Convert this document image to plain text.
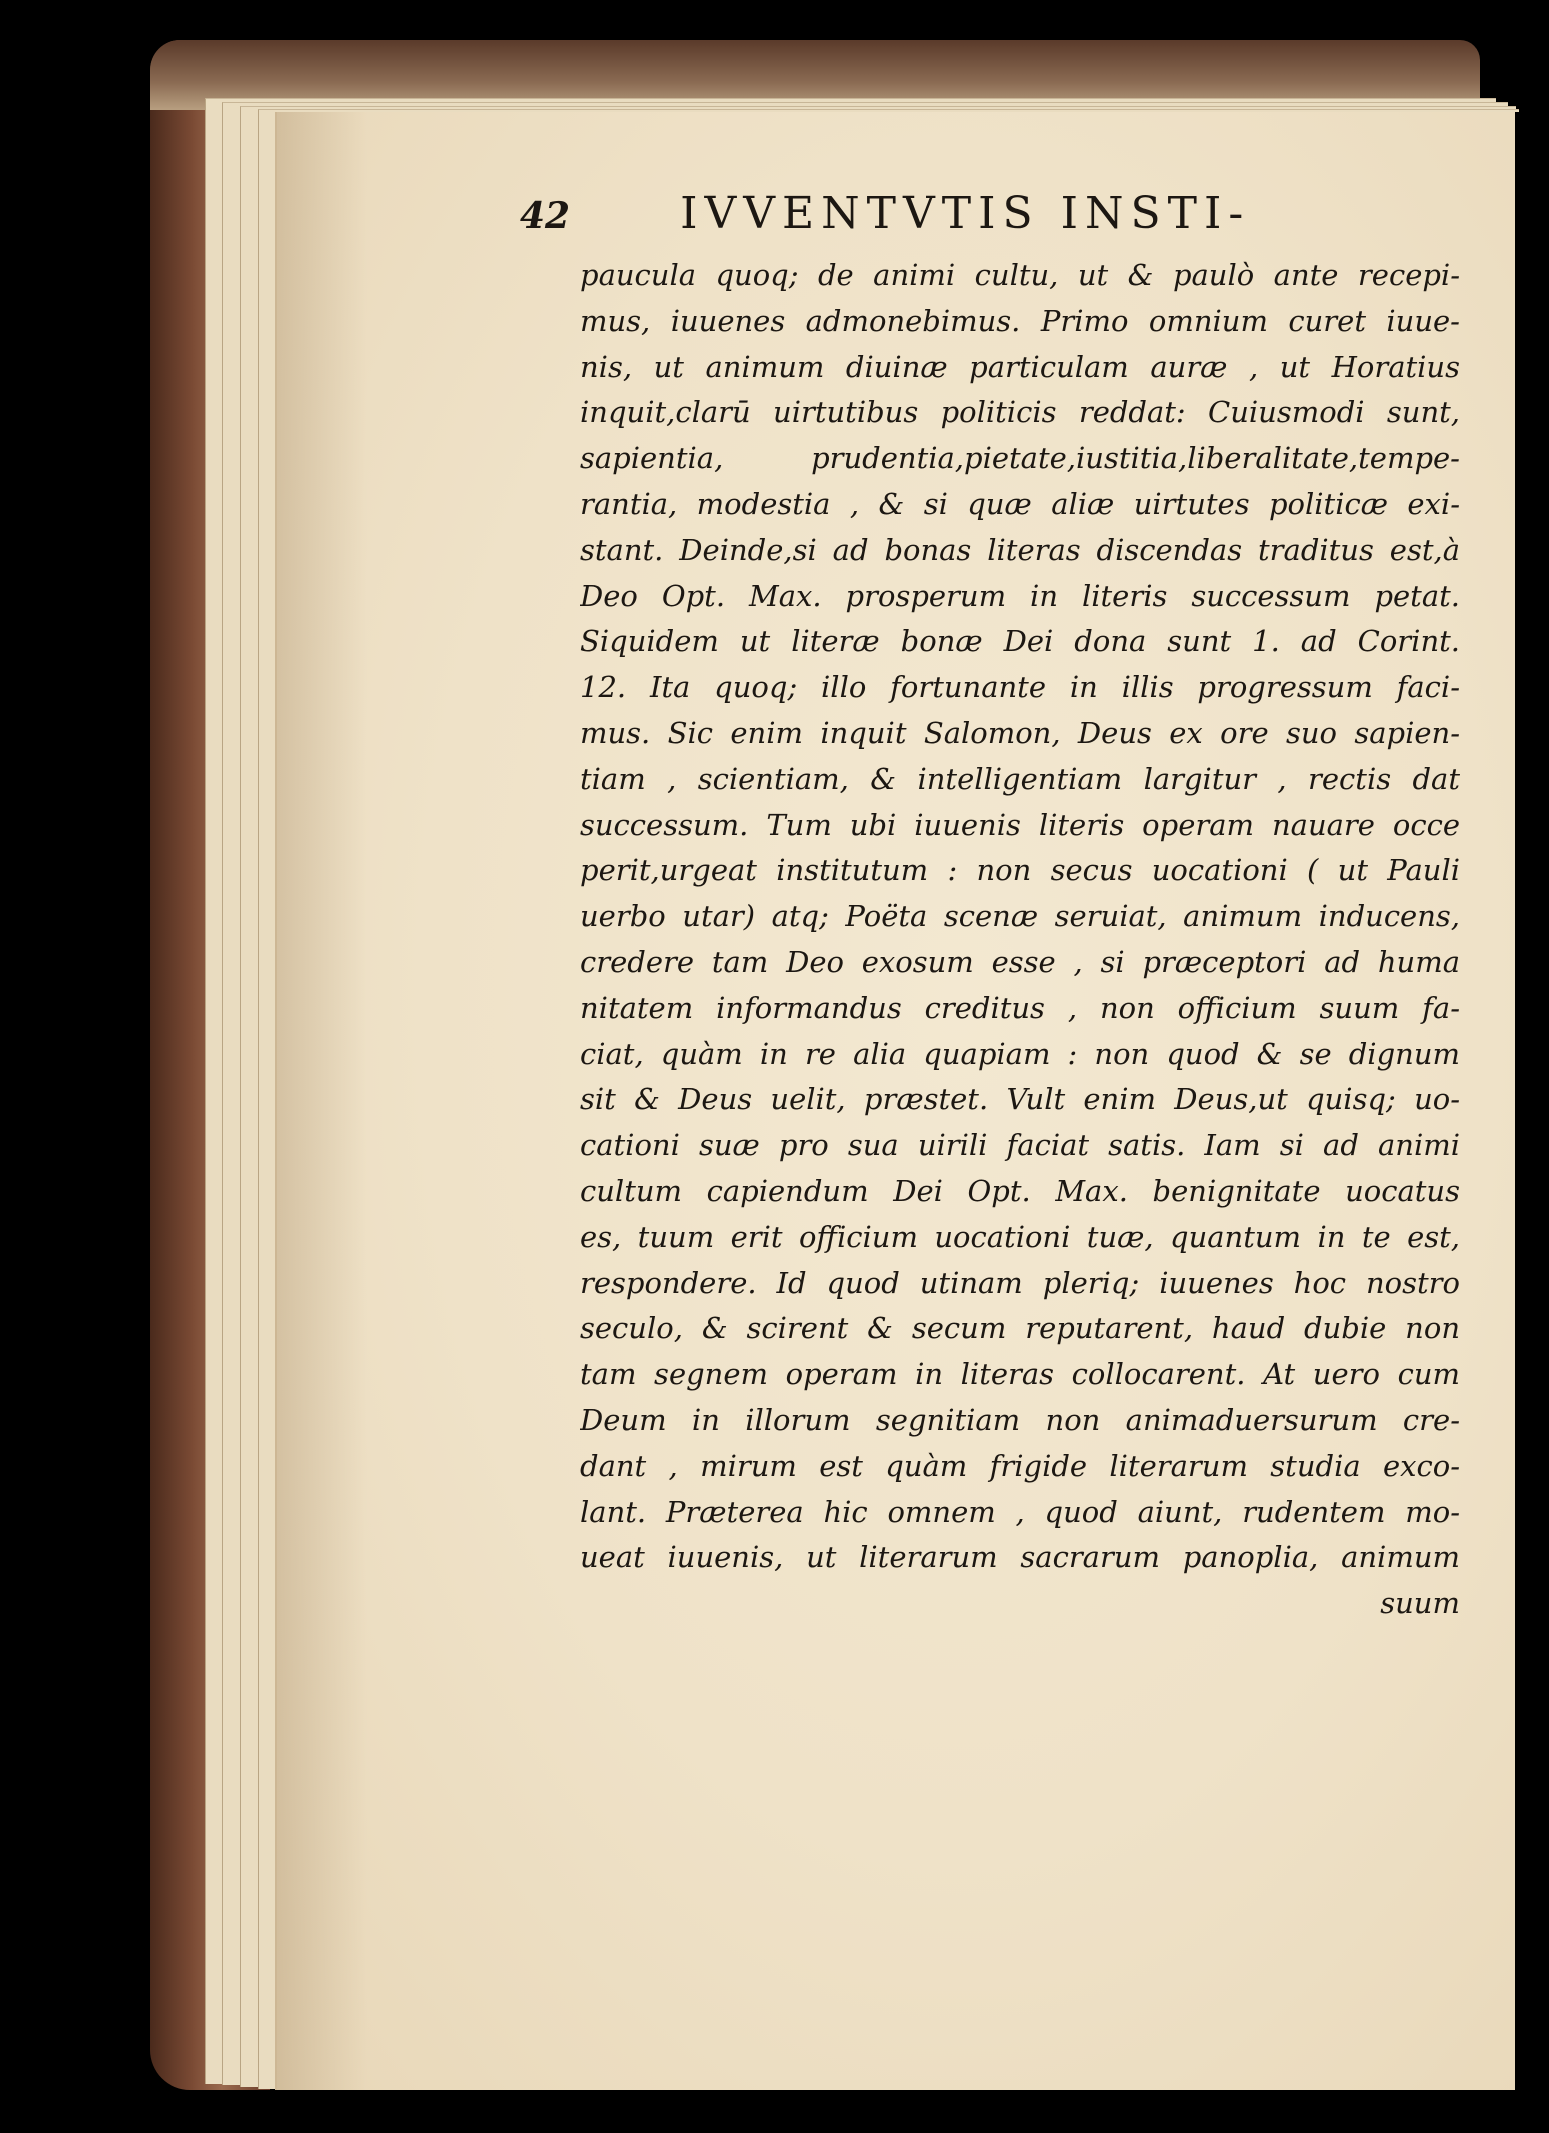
42	IVVENTVTIS INSTI-
paucula quoq; de animi cultu, ut & paulò ante recepi-
mus, iuuenes admonebimus. Primo omnium curet iuue-
nis, ut animum diuinæ particulam auræ , ut Horatius
inquit,clarū uirtutibus politicis reddat: Cuiusmodi sunt,
sapientia, prudentia,pietate,iustitia,liberalitate,tempe-
rantia, modestia , & si quæ aliæ uirtutes politicæ exi-
stant. Deinde,si ad bonas literas discendas traditus est,à
Deo Opt. Max. prosperum in literis successum petat.
Siquidem ut literæ bonæ Dei dona sunt 1. ad Corint.
12. Ita quoq; illo fortunante in illis progressum faci-
mus. Sic enim inquit Salomon, Deus ex ore suo sapien-
tiam , scientiam, & intelligentiam largitur , rectis dat
successum. Tum ubi iuuenis literis operam nauare occe
perit,urgeat institutum : non secus uocationi ( ut Pauli
uerbo utar) atq; Poëta scenæ seruiat, animum inducens,
credere tam Deo exosum esse , si præceptori ad huma
nitatem informandus creditus , non officium suum fa-
ciat, quàm in re alia quapiam : non quod & se dignum
sit & Deus uelit, præstet. Vult enim Deus,ut quisq; uo-
cationi suæ pro sua uirili faciat satis. Iam si ad animi
cultum capiendum Dei Opt. Max. benignitate uocatus
es, tuum erit officium uocationi tuæ, quantum in te est,
respondere. Id quod utinam pleriq; iuuenes hoc nostro
seculo, & scirent & secum reputarent, haud dubie non
tam segnem operam in literas collocarent. At uero cum
Deum in illorum segnitiam non animaduersurum cre-
dant , mirum est quàm frigide literarum studia exco-
lant. Præterea hic omnem , quod aiunt, rudentem mo-
ueat iuuenis, ut literarum sacrarum panoplia, animum
suum
